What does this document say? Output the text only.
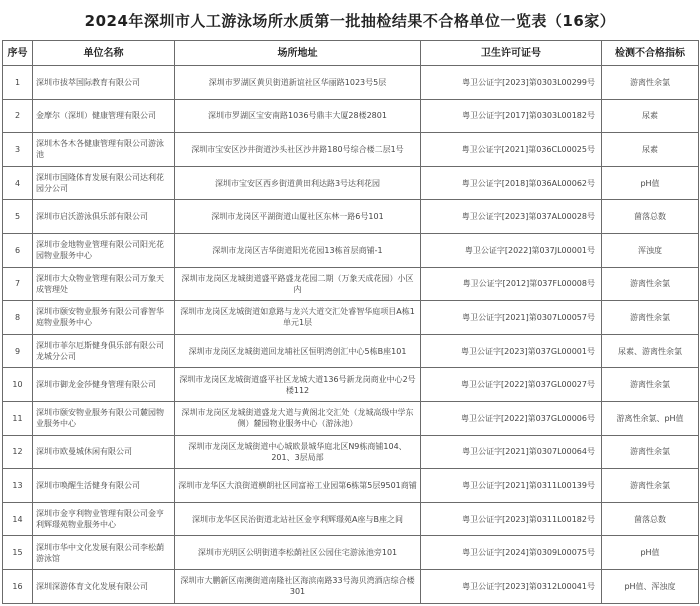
2024年深圳市人工游泳场所水质第一批抽检结果不合格单位一览表（16家）
序号	单位名称	场所地址	卫生许可证号	检测不合格指标
1	深圳市拔萃国际教育有限公司	深圳市罗湖区黄贝街道新谊社区华丽路1023号5层	粤卫公证字[2023]第0303L00299号	游离性余氯
2	金摩尔（深圳）健康管理有限公司	深圳市罗湖区宝安南路1036号鼎丰大厦28楼2801	粤卫公证字[2017]第0303L00182号	尿素
3	深圳木各木各健康管理有限公司游泳池	深圳市宝安区沙井街道沙头社区沙井路180号综合楼二层1号	粤卫公证字[2021]第036CL00025号	尿素
4	深圳市国隆体育发展有限公司达利花园分公司	深圳市宝安区西乡街道黄田利达路3号达利花园	粤卫公证字[2018]第036AL00062号	pH值
5	深圳市启沃游泳俱乐部有限公司	深圳市龙岗区平湖街道山厦社区东林一路6号101	粤卫公证字[2023]第037AL00028号	菌落总数
6	深圳市金地物业管理有限公司阳光花园物业服务中心	深圳市龙岗区吉华街道阳光花园13栋首层商铺-1	粤卫公证字[2022]第037JL00001号	浑浊度
7	深圳市大众物业管理有限公司万象天成管理处	深圳市龙岗区龙城街道盛平路盛龙花园二期（万象天成花园）小区内	粤卫公证字[2012]第037FL00008号	游离性余氯
8	深圳市颐安物业服务有限公司睿智华庭物业服务中心	深圳市龙岗区龙城街道如意路与龙兴大道交汇处睿智华庭项目A栋1单元1层	粤卫公证字[2021]第0307L00057号	游离性余氯
9	深圳市菲尔厄斯健身俱乐部有限公司龙城分公司	深圳市龙岗区龙城街道回龙埔社区恒明湾创汇中心5栋B座101	粤卫公证字[2023]第037GL00001号	尿素、游离性余氯
10	深圳市御龙金莎健身管理有限公司	深圳市龙岗区龙城街道盛平社区龙城大道136号新龙岗商业中心2号楼112	粤卫公证字[2022]第037GL00027号	游离性余氯
11	深圳市颐安物业服务有限公司麓园物业服务中心	深圳市龙岗区龙城街道盛龙大道与黄阁北交汇处（龙城高级中学东侧）麓园物业服务中心（游泳池）	粤卫公证字[2022]第037GL00006号	游离性余氯、pH值
12	深圳市欧曼城休闲有限公司	深圳市龙岗区龙城街道中心城欧景城华庭北区N9栋商铺104、201、3层局部	粤卫公证字[2021]第0307L00064号	游离性余氯
13	深圳市唤醒生活健身有限公司	深圳市龙华区大浪街道横朗社区同富裕工业园第6栋第5层9501商铺	粤卫公证字[2021]第0311L00139号	游离性余氯
14	深圳市金亨利物业管理有限公司金亨利辉璟苑物业服务中心	深圳市龙华区民治街道北站社区金亨利辉璟苑A座与B座之间	粤卫公证字[2023]第0311L00182号	菌落总数
15	深圳市华中文化发展有限公司李松蓢游泳馆	深圳市光明区公明街道李松蓢社区公园住宅游泳池旁101	粤卫公证字[2024]第0309L00075号	pH值
16	深圳深游体育文化发展有限公司	深圳市大鹏新区南澳街道南隆社区海滨南路33号海贝湾酒店综合楼301	粤卫公证字[2023]第0312L00041号	pH值、浑浊度
